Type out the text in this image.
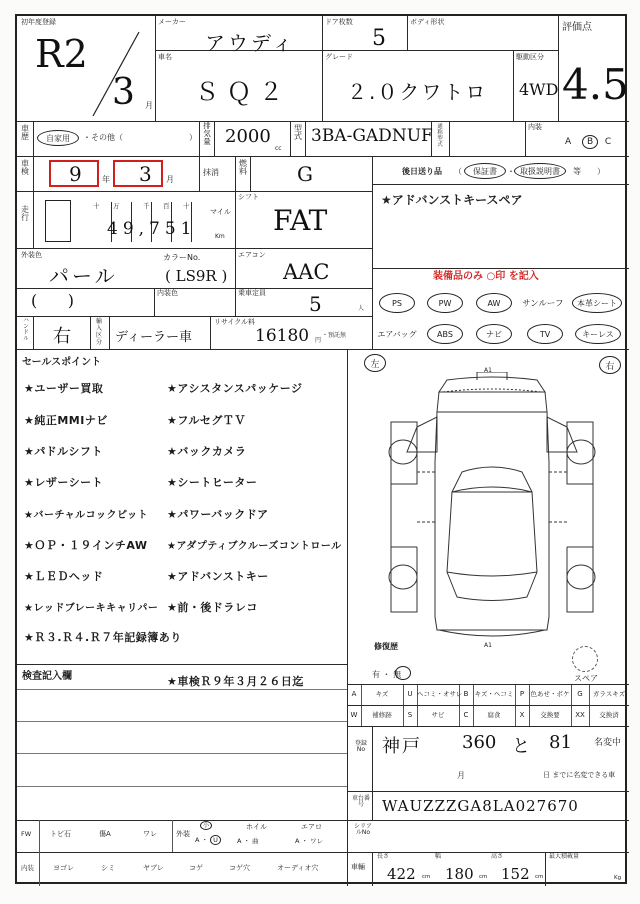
初年度登録
R2
3 月
メーカー
アウディ
ドア枚数
5
ボディ形状	評価点
4.5
車名
ＳＱ２
グレード
２.０クワトロ
駆動区分
4WD
車
歴 自家用 ・その他（	）
排
気
量 2000
cc
型
式 3BA-GADNUF 通
称
型
式
内装
A B C
車
検 9	年 3 月
抹消
燃
料	G	後日送り品 （ 保証書 ・ 取扱説明書 等 ）
★アドバンストキースペア
走
行
十 万	千 百 十
49,751
マイル
Km
シフト
FAT
外装色
パール
カラーNo.
( LS9R )
エアコン
AAC	装備品のみ ○印 を記入
(      )	内装色	乗車定員 5	人
PS	PW	AW	サンルーフ	本革シート
エアバッグ	ABS	ナビ	TV	キーレス
ハ
ン
ド
ル 右
輸入
区分 ディーラー車
リサイクル料
16180 円
・預託無
セールスポイント
★ユーザー買取	★アシスタンスパッケージ
★純正MMIナビ	★フルセグＴＶ
★パドルシフト	★バックカメラ
★レザーシート	★シートヒーター
★バーチャルコックピット ★パワーバックドア
★ＯＰ・１９インチAW ★アダプティブクルーズコントロール
★ＬＥＤヘッド	★アドバンストキー
★レッドブレーキキャリパー ★前・後ドラレコ
★Ｒ３.Ｒ４.Ｒ７年記録簿あり
検査記入欄	★車検Ｒ９年３月２６日迄
左	右
A1
A1
修復歴
有 ・ 無	スペア
A	キズ	U ヘコミ・オサレ B キズ・ヘコミ P 色あせ・ボケ	G	ガラスキズ
W	補修跡	S	サビ	C	腐食	X	交換要	XX	交換済
登録No 神戸 360 と 81 名変中
月	日 までに名変できる車
車台番号	WAUZZZGA8LA027670
FW	トビ石	傷A	ワレ	外装
小
A ・ U
ホイル
A ・ 曲
エアロ
A ・ ワレ
シリアルNo
内装	ヨゴレ	シミ	ヤブレ	コゲ	コゲ穴	オーディオ穴	車輛
長さ
422 cm
幅
180 cm
高さ
152 cm
最大積載量
Kg
